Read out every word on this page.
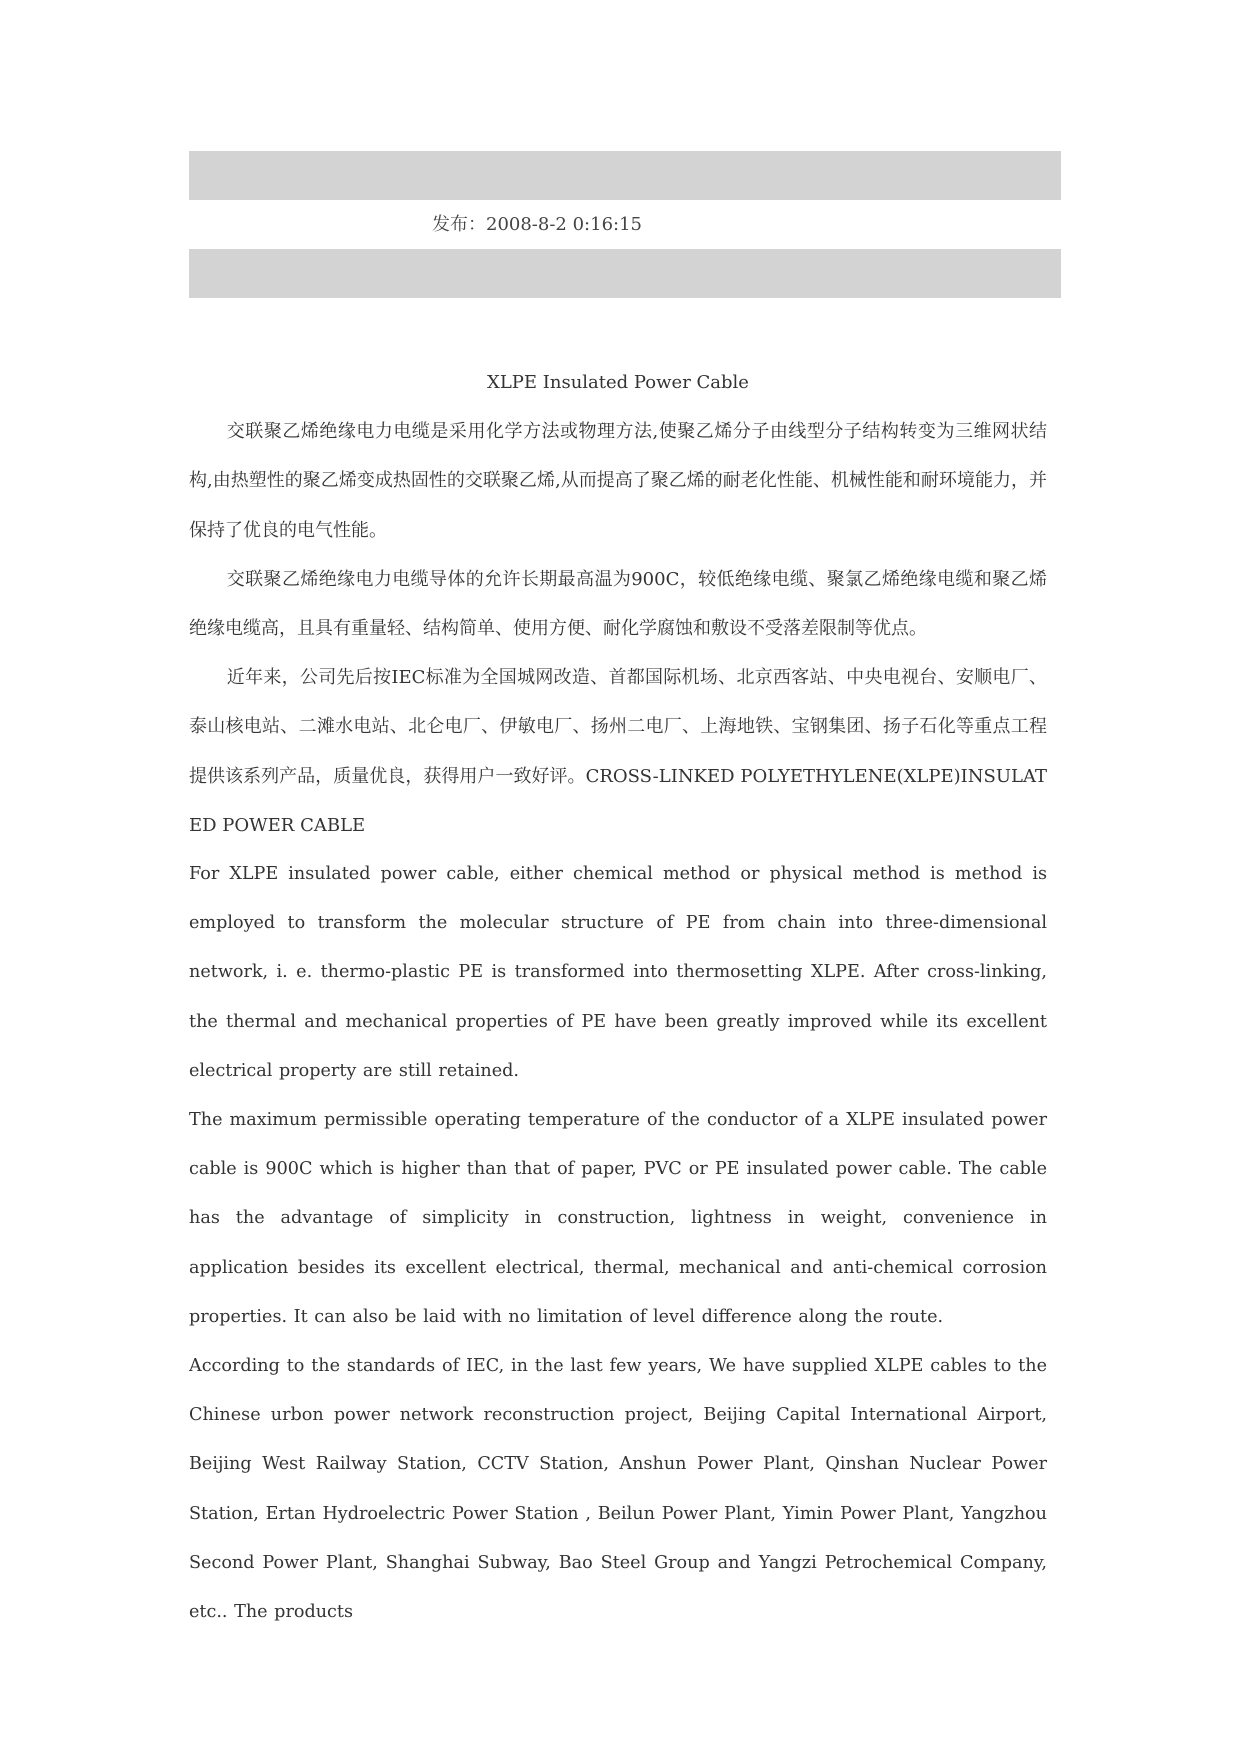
发布：2008-8-2 0:16:15

XLPE Insulated Power Cable

交联聚乙烯绝缘电力电缆是采用化学方法或物理方法,使聚乙烯分子由线型分子结构转变为三维网状结构,由热塑性的聚乙烯变成热固性的交联聚乙烯,从而提高了聚乙烯的耐老化性能、机械性能和耐环境能力，并保持了优良的电气性能。

交联聚乙烯绝缘电力电缆导体的允许长期最高温为900C，较低绝缘电缆、聚氯乙烯绝缘电缆和聚乙烯绝缘电缆高，且具有重量轻、结构简单、使用方便、耐化学腐蚀和敷设不受落差限制等优点。

近年来，公司先后按IEC标准为全国城网改造、首都国际机场、北京西客站、中央电视台、安顺电厂、泰山核电站、二滩水电站、北仑电厂、伊敏电厂、扬州二电厂、上海地铁、宝钢集团、扬子石化等重点工程提供该系列产品，质量优良，获得用户一致好评。CROSS-LINKED POLYETHYLENE(XLPE)INSULATED POWER CABLE

For XLPE insulated power cable, either chemical method or physical method is method is employed to transform the molecular structure of PE from chain into three-dimensional network, i. e. thermo-plastic PE is transformed into thermosetting XLPE. After cross-linking, the thermal and mechanical properties of PE have been greatly improved while its excellent electrical property are still retained.

The maximum permissible operating temperature of the conductor of a XLPE insulated power cable is 900C which is higher than that of paper, PVC or PE insulated power cable. The cable has the advantage of simplicity in construction, lightness in weight, convenience in application besides its excellent electrical, thermal, mechanical and anti-chemical corrosion properties. It can also be laid with no limitation of level difference along the route.

According to the standards of IEC, in the last few years, We have supplied XLPE cables to the Chinese urbon power network reconstruction project, Beijing Capital International Airport, Beijing West Railway Station, CCTV Station, Anshun Power Plant, Qinshan Nuclear Power Station, Ertan Hydroelectric Power Station , Beilun Power Plant, Yimin Power Plant, Yangzhou Second Power Plant, Shanghai Subway, Bao Steel Group and Yangzi Petrochemical Company, etc.. The products
